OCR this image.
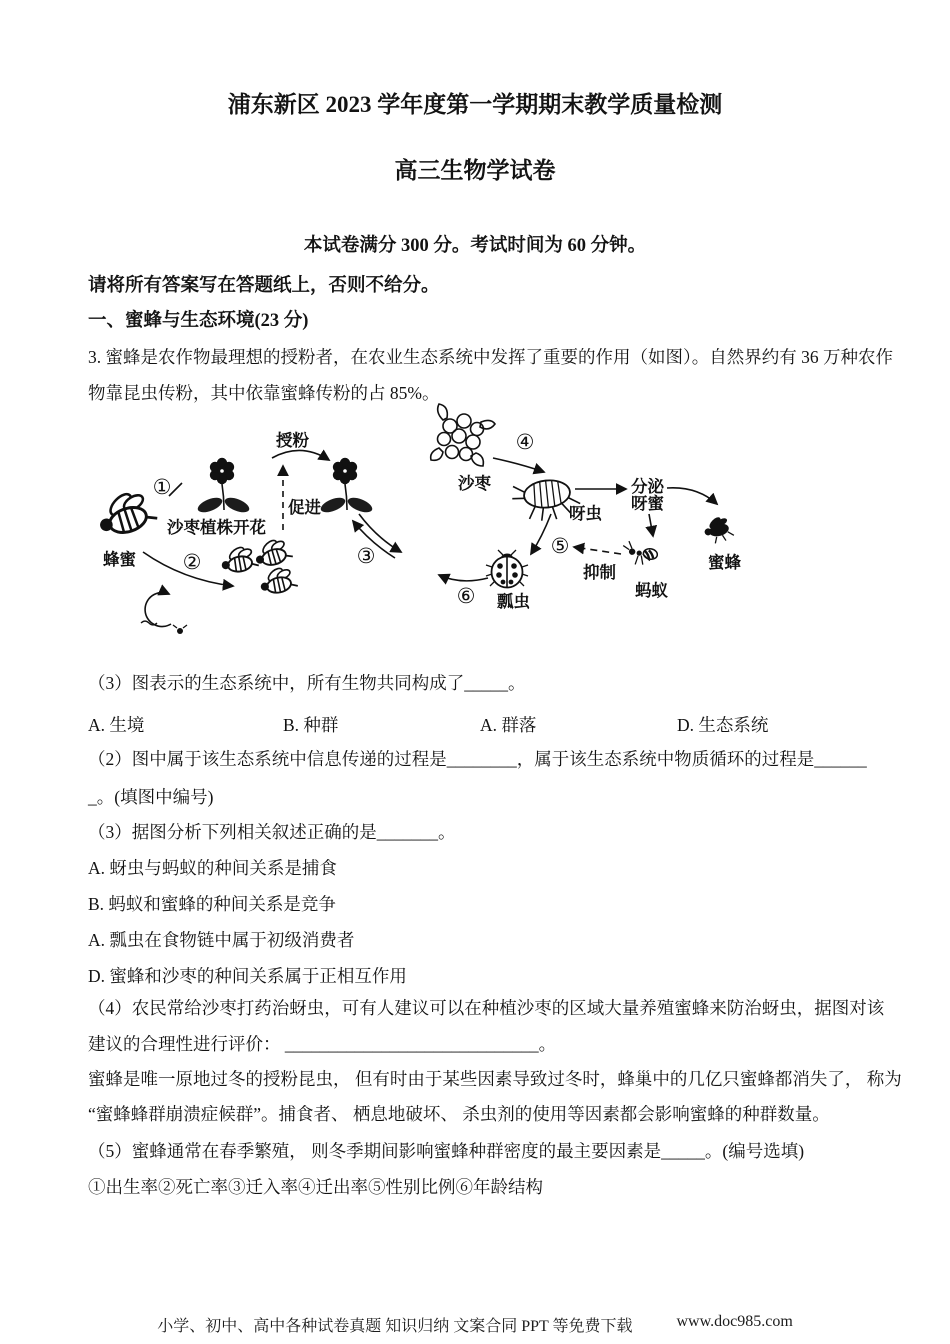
浦东新区 2023 学年度第一学期期末教学质量检测
高三生物学试卷
本试卷满分 300 分。考试时间为 60 分钟。
请将所有答案写在答题纸上，否则不给分。
一、蜜蜂与生态环境(23 分)
3. 蜜蜂是农作物最理想的授粉者，在农业生态系统中发挥了重要的作用（如图）。自然界约有 36 万种农作
物靠昆虫传粉，其中依靠蜜蜂传粉的占 85%。
蜂蜜
①
沙枣植株开花
促进
授粉
③
②
沙枣
④
呀虫
分泌
呀蜜
蜜蜂
蚂蚁
⑤
抑制
瓢虫
⑥
（3）图表示的生态系统中，所有生物共同构成了_____。
A. 生境	B. 种群	A. 群落	D. 生态系统
（2）图中属于该生态系统中信息传递的过程是________，属于该生态系统中物质循环的过程是______
_。(填图中编号)
（3）据图分析下列相关叙述正确的是_______。
A. 蚜虫与蚂蚁的种间关系是捕食
B. 蚂蚁和蜜蜂的种间关系是竞争
A. 瓢虫在食物链中属于初级消费者
D. 蜜蜂和沙枣的种间关系属于正相互作用
（4）农民常给沙枣打药治蚜虫，可有人建议可以在种植沙枣的区域大量养殖蜜蜂来防治蚜虫，据图对该
建议的合理性进行评价： _____________________________。
蜜蜂是唯一原地过冬的授粉昆虫， 但有时由于某些因素导致过冬时，蜂巢中的几亿只蜜蜂都消失了， 称为
“蜜蜂蜂群崩溃症候群”。捕食者、 栖息地破坏、 杀虫剂的使用等因素都会影响蜜蜂的种群数量。
（5）蜜蜂通常在春季繁殖， 则冬季期间影响蜜蜂种群密度的最主要因素是_____。(编号选填)
①出生率②死亡率③迁入率④迁出率⑤性别比例⑥年龄结构
小学、初中、高中各种试卷真题 知识归纳 文案合同 PPT 等免费下载	www.doc985.com
